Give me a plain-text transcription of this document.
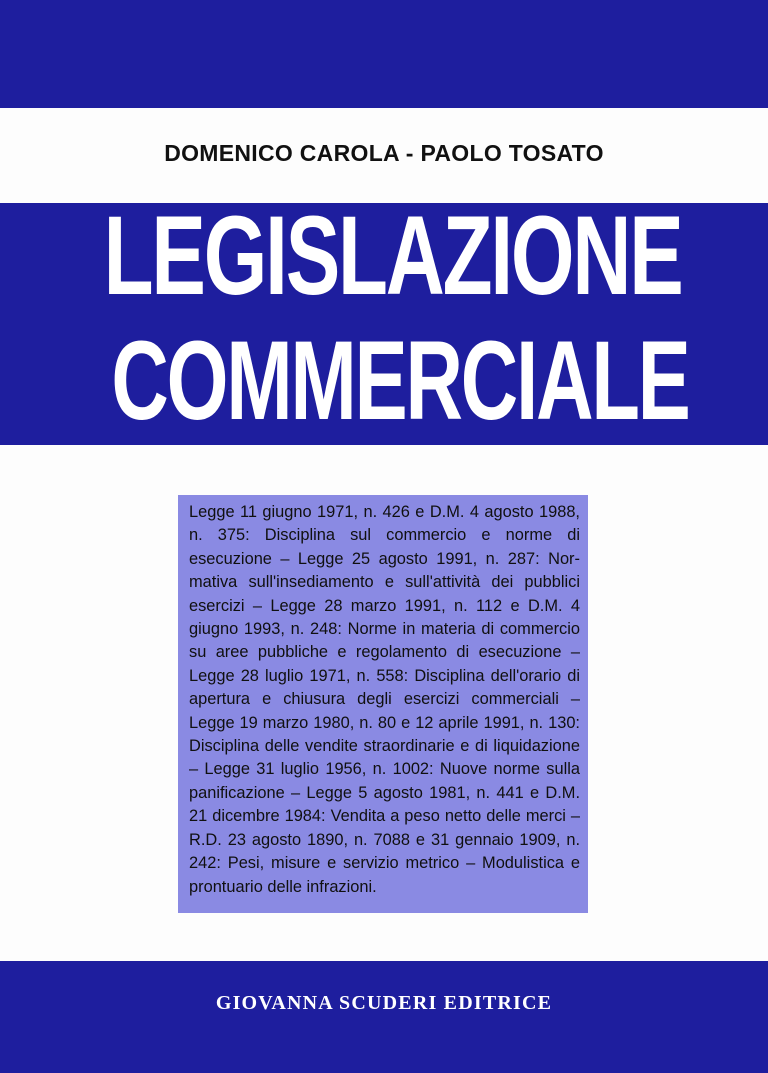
DOMENICO CAROLA - PAOLO TOSATO
LEGISLAZIONE
COMMERCIALE
Legge 11 giugno 1971, n. 426 e D.M. 4 agosto 1988, n. 375: Disciplina sul commercio e norme di esecuzione – Legge 25 agosto 1991, n. 287: Normativa sull'insediamento e sull'attività dei pubblici esercizi – Legge 28 marzo 1991, n. 112 e D.M. 4 giugno 1993, n. 248: Norme in materia di commercio su aree pubbliche e regolamento di esecuzione – Legge 28 luglio 1971, n. 558: Disciplina dell'orario di apertura e chiusura degli esercizi commerciali – Legge 19 marzo 1980, n. 80 e 12 aprile 1991, n. 130: Disciplina delle vendite straordinarie e di liquidazione – Legge 31 luglio 1956, n. 1002: Nuove norme sulla panificazione – Legge 5 agosto 1981, n. 441 e D.M. 21 dicembre 1984: Vendita a peso netto delle merci – R.D. 23 agosto 1890, n. 7088 e 31 gennaio 1909, n. 242: Pesi, misure e servizio metrico – Modulistica e prontuario delle infrazioni.
GIOVANNA SCUDERI EDITRICE
